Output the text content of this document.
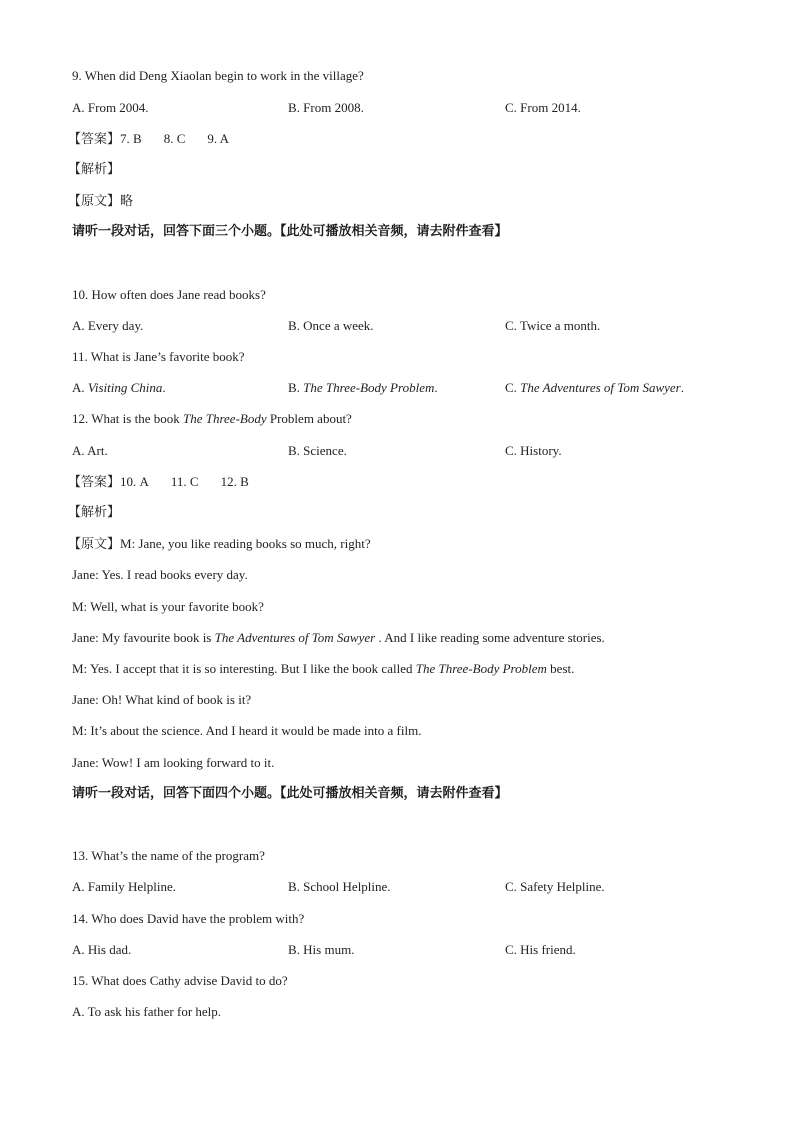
9. When did Deng Xiaolan begin to work in the village?
A. From 2004.	B. From 2008.	C. From 2014.
【答案】7. B 8. C 9. A
【解析】
【原文】略
请听一段对话，回答下面三个小题。【此处可播放相关音频，请去附件查看】
10. How often does Jane read books?
A. Every day.	B. Once a week.	C. Twice a month.
11. What is Jane’s favorite book?
A. Visiting China.	B. The Three-Body Problem.	C. The Adventures of Tom Sawyer.
12. What is the book The Three-Body Problem about?
A. Art.	B. Science.	C. History.
【答案】10. A 11. C 12. B
【解析】
【原文】M: Jane, you like reading books so much, right?
Jane: Yes. I read books every day.
M: Well, what is your favorite book?
Jane: My favourite book is The Adventures of Tom Sawyer . And I like reading some adventure stories.
M: Yes. I accept that it is so interesting. But I like the book called The Three-Body Problem best.
Jane: Oh! What kind of book is it?
M: It’s about the science. And I heard it would be made into a film.
Jane: Wow! I am looking forward to it.
请听一段对话，回答下面四个小题。【此处可播放相关音频，请去附件查看】
13. What’s the name of the program?
A. Family Helpline.	B. School Helpline.	C. Safety Helpline.
14. Who does David have the problem with?
A. His dad.	B. His mum.	C. His friend.
15. What does Cathy advise David to do?
A. To ask his father for help.
